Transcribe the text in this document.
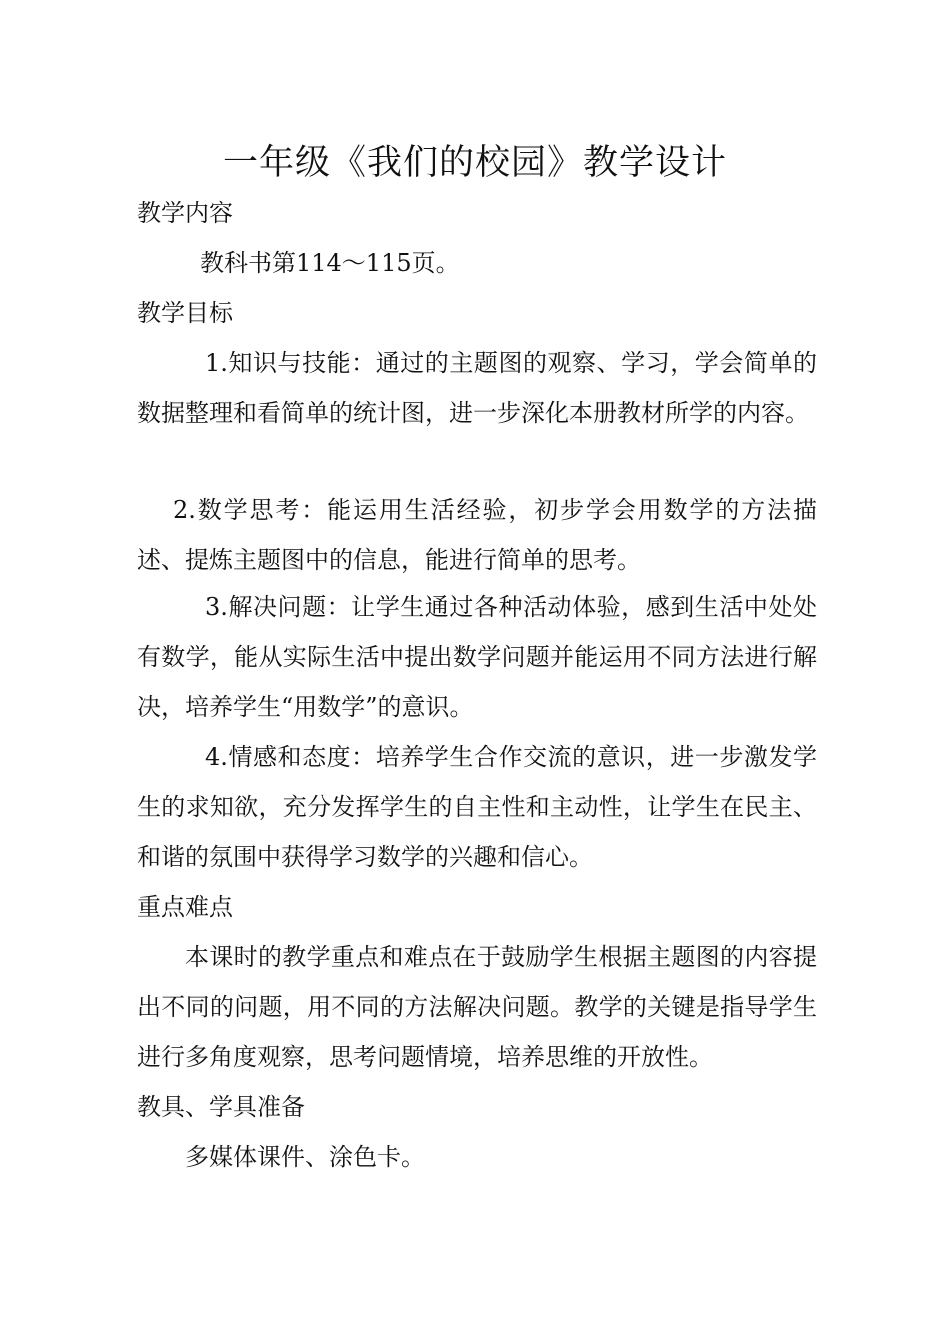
一年级《我们的校园》教学设计
教学内容
教科书第114～115页。
教学目标
1.知识与技能：通过的主题图的观察、学习，学会简单的数据整理和看简单的统计图，进一步深化本册教材所学的内容。
2.数学思考：能运用生活经验，初步学会用数学的方法描述、提炼主题图中的信息，能进行简单的思考。
3.解决问题：让学生通过各种活动体验，感到生活中处处有数学，能从实际生活中提出数学问题并能运用不同方法进行解决，培养学生“用数学”的意识。
4.情感和态度：培养学生合作交流的意识，进一步激发学生的求知欲，充分发挥学生的自主性和主动性，让学生在民主、和谐的氛围中获得学习数学的兴趣和信心。
重点难点
本课时的教学重点和难点在于鼓励学生根据主题图的内容提出不同的问题，用不同的方法解决问题。教学的关键是指导学生进行多角度观察，思考问题情境，培养思维的开放性。
教具、学具准备
多媒体课件、涂色卡。
